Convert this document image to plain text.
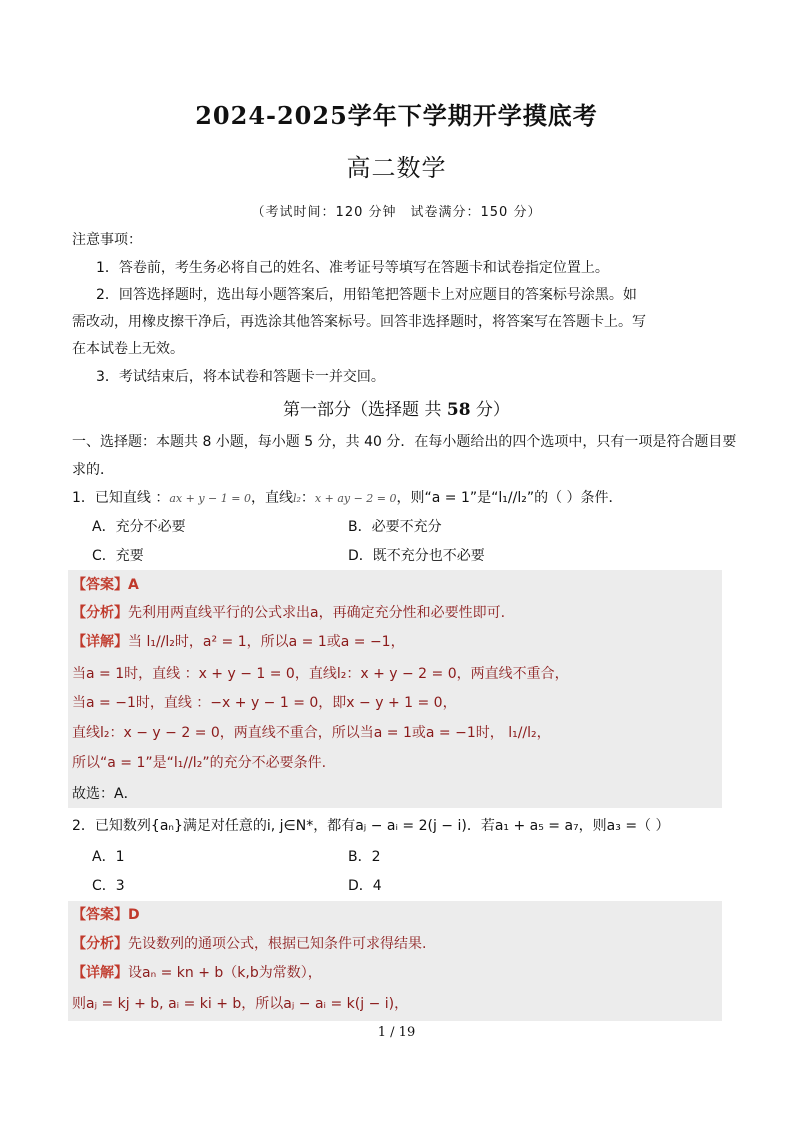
2024-2025学年下学期开学摸底考
高二数学
（考试时间：120 分钟　试卷满分：150 分）
注意事项：
1．答卷前，考生务必将自己的姓名、准考证号等填写在答题卡和试卷指定位置上。
2．回答选择题时，选出每小题答案后，用铅笔把答题卡上对应题目的答案标号涂黑。如
需改动，用橡皮擦干净后，再选涂其他答案标号。回答非选择题时，将答案写在答题卡上。写
在本试卷上无效。
3．考试结束后，将本试卷和答题卡一并交回。
第一部分（选择题 共 58 分）
一、选择题：本题共 8 小题，每小题 5 分，共 40 分．在每小题给出的四个选项中，只有一项是符合题目要
求的．
1．已知直线 ：ax + y − 1 = 0，直线l₂：x + ay − 2 = 0，则“a = 1”是“l₁//l₂”的（ ）条件．
A．充分不必要	B．必要不充分
C．充要	D．既不充分也不必要
【答案】A
【分析】先利用两直线平行的公式求出a，再确定充分性和必要性即可.
【详解】当 l₁//l₂时，a² = 1，所以a = 1或a = −1，
当a = 1时，直线 ：x + y − 1 = 0，直线l₂：x + y − 2 = 0，两直线不重合，
当a = −1时，直线 ：−x + y − 1 = 0，即x − y + 1 = 0，
直线l₂：x − y − 2 = 0，两直线不重合，所以当a = 1或a = −1时， l₁//l₂，
所以“a = 1”是“l₁//l₂”的充分不必要条件.
故选：A．
2．已知数列{aₙ}满足对任意的i, j∈N*，都有aⱼ − aᵢ = 2(j − i)．若a₁ + a₅ = a₇，则a₃ =（ ）
A．1	B．2
C．3	D．4
【答案】D
【分析】先设数列的通项公式，根据已知条件可求得结果.
【详解】设aₙ = kn + b（k,b为常数），
则aⱼ = kj + b, aᵢ = ki + b，所以aⱼ − aᵢ = k(j − i)，
1 / 19
